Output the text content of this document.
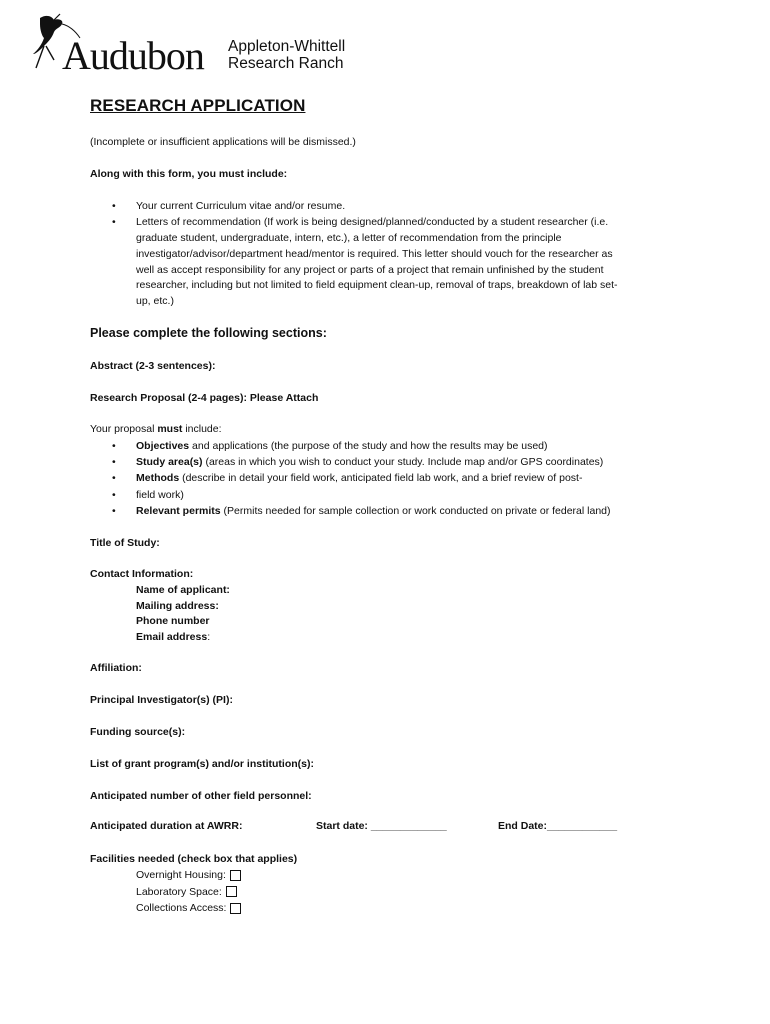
Audubon Appleton-Whittell
Research Ranch
RESEARCH APPLICATION
(Incomplete or insufficient applications will be dismissed.)
Along with this form, you must include:
• Your current Curriculum vitae and/or resume.
• Letters of recommendation (If work is being designed/planned/conducted by a student researcher (i.e.
graduate student, undergraduate, intern, etc.), a letter of recommendation from the principle
investigator/advisor/department head/mentor is required. This letter should vouch for the researcher as
well as accept responsibility for any project or parts of a project that remain unfinished by the student
researcher, including but not limited to field equipment clean-up, removal of traps, breakdown of lab set-
up, etc.)
Please complete the following sections:
Abstract (2-3 sentences):
Research Proposal (2-4 pages): Please Attach
Your proposal must include:
• Objectives and applications (the purpose of the study and how the results may be used)
• Study area(s) (areas in which you wish to conduct your study. Include map and/or GPS coordinates)
• Methods (describe in detail your field work, anticipated field lab work, and a brief review of post-
• field work)
• Relevant permits (Permits needed for sample collection or work conducted on private or federal land)
Title of Study:
Contact Information:
Name of applicant:
Mailing address:
Phone number
Email address:
Affiliation:
Principal Investigator(s) (PI):
Funding source(s):
List of grant program(s) and/or institution(s):
Anticipated number of other field personnel:
Anticipated duration at AWRR:	Start date: _____________	End Date:____________
Facilities needed (check box that applies)
Overnight Housing:
Laboratory Space:
Collections Access:
